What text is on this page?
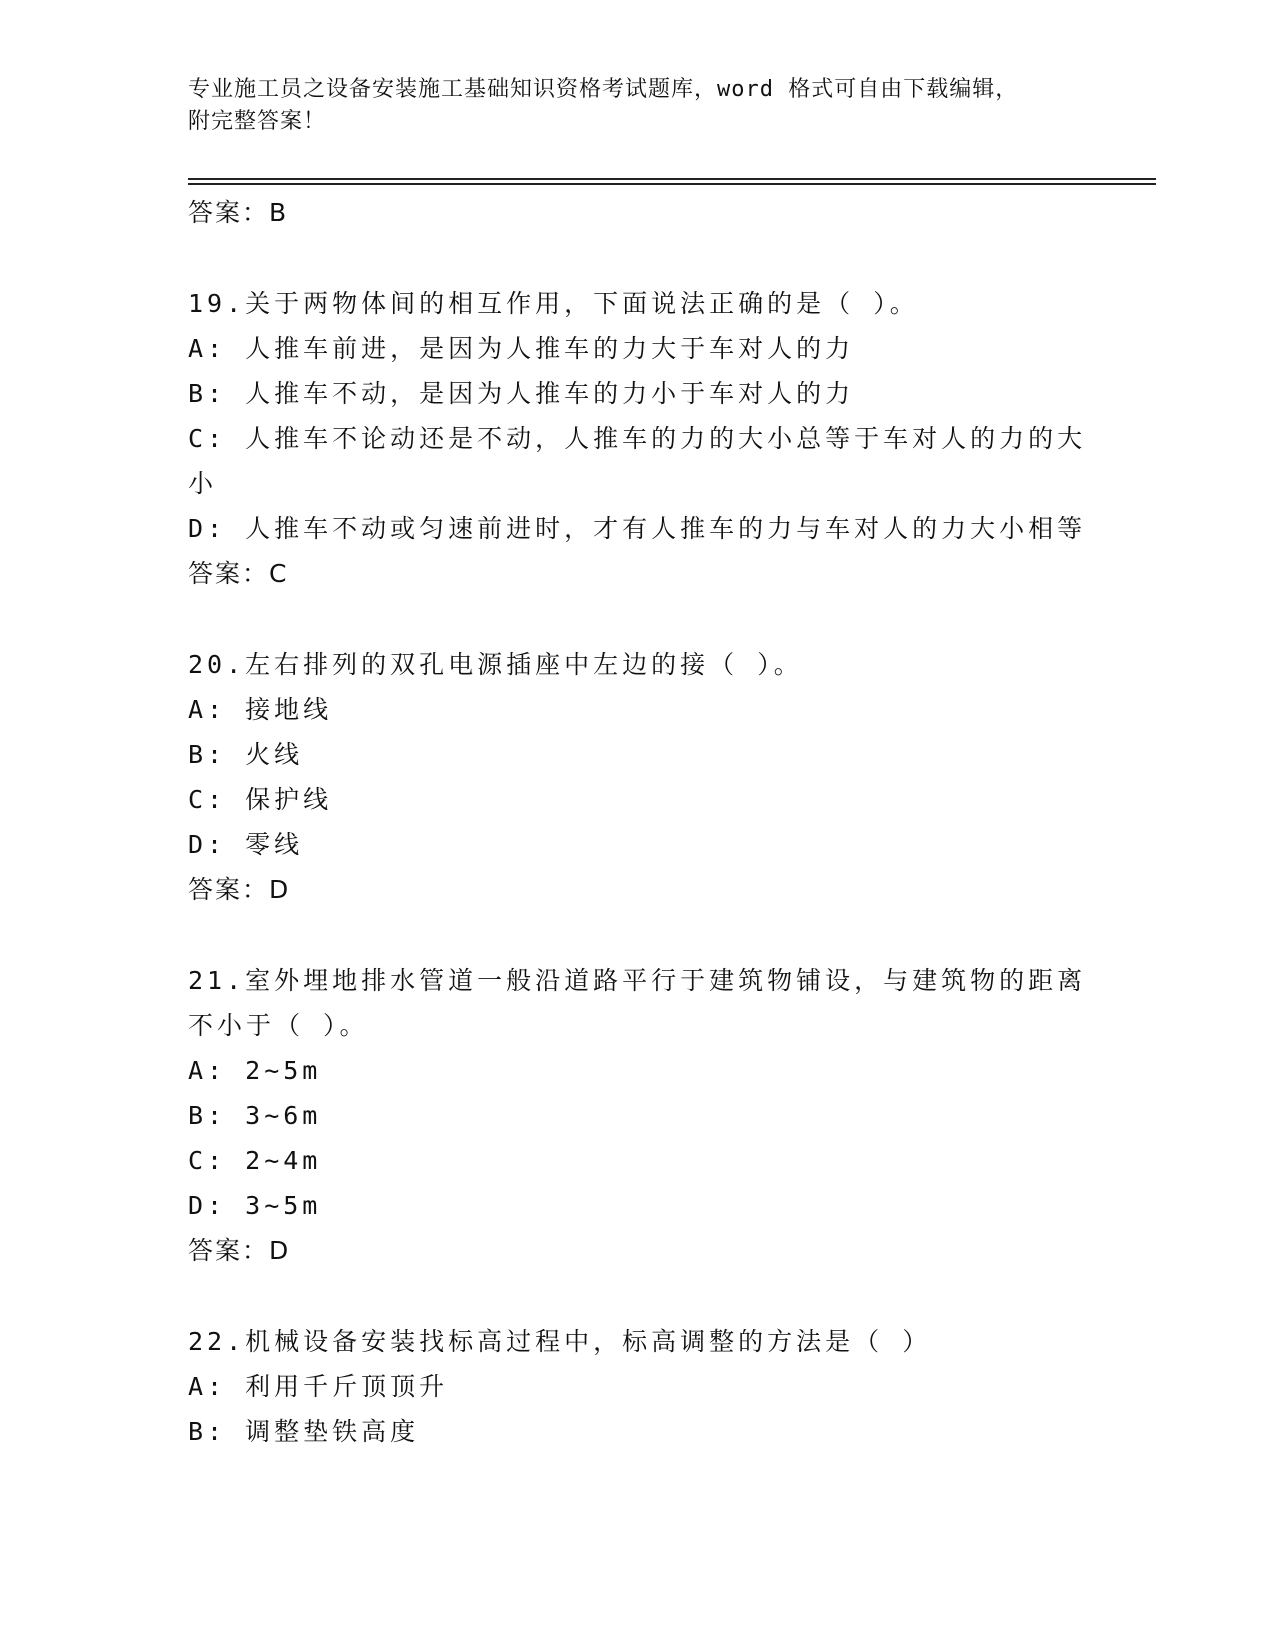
专业施工员之设备安装施工基础知识资格考试题库，word 格式可自由下载编辑，
附完整答案！
答案：B
19.关于两物体间的相互作用，下面说法正确的是（ ）。
A: 人推车前进，是因为人推车的力大于车对人的力
B: 人推车不动，是因为人推车的力小于车对人的力
C: 人推车不论动还是不动，人推车的力的大小总等于车对人的力的大
小
D: 人推车不动或匀速前进时，才有人推车的力与车对人的力大小相等
答案：C
20.左右排列的双孔电源插座中左边的接（ ）。
A: 接地线
B: 火线
C: 保护线
D: 零线
答案：D
21.室外埋地排水管道一般沿道路平行于建筑物铺设，与建筑物的距离
不小于（ ）。
A: 2~5m
B: 3~6m
C: 2~4m
D: 3~5m
答案：D
22.机械设备安装找标高过程中，标高调整的方法是（ ）
A: 利用千斤顶顶升
B: 调整垫铁高度
